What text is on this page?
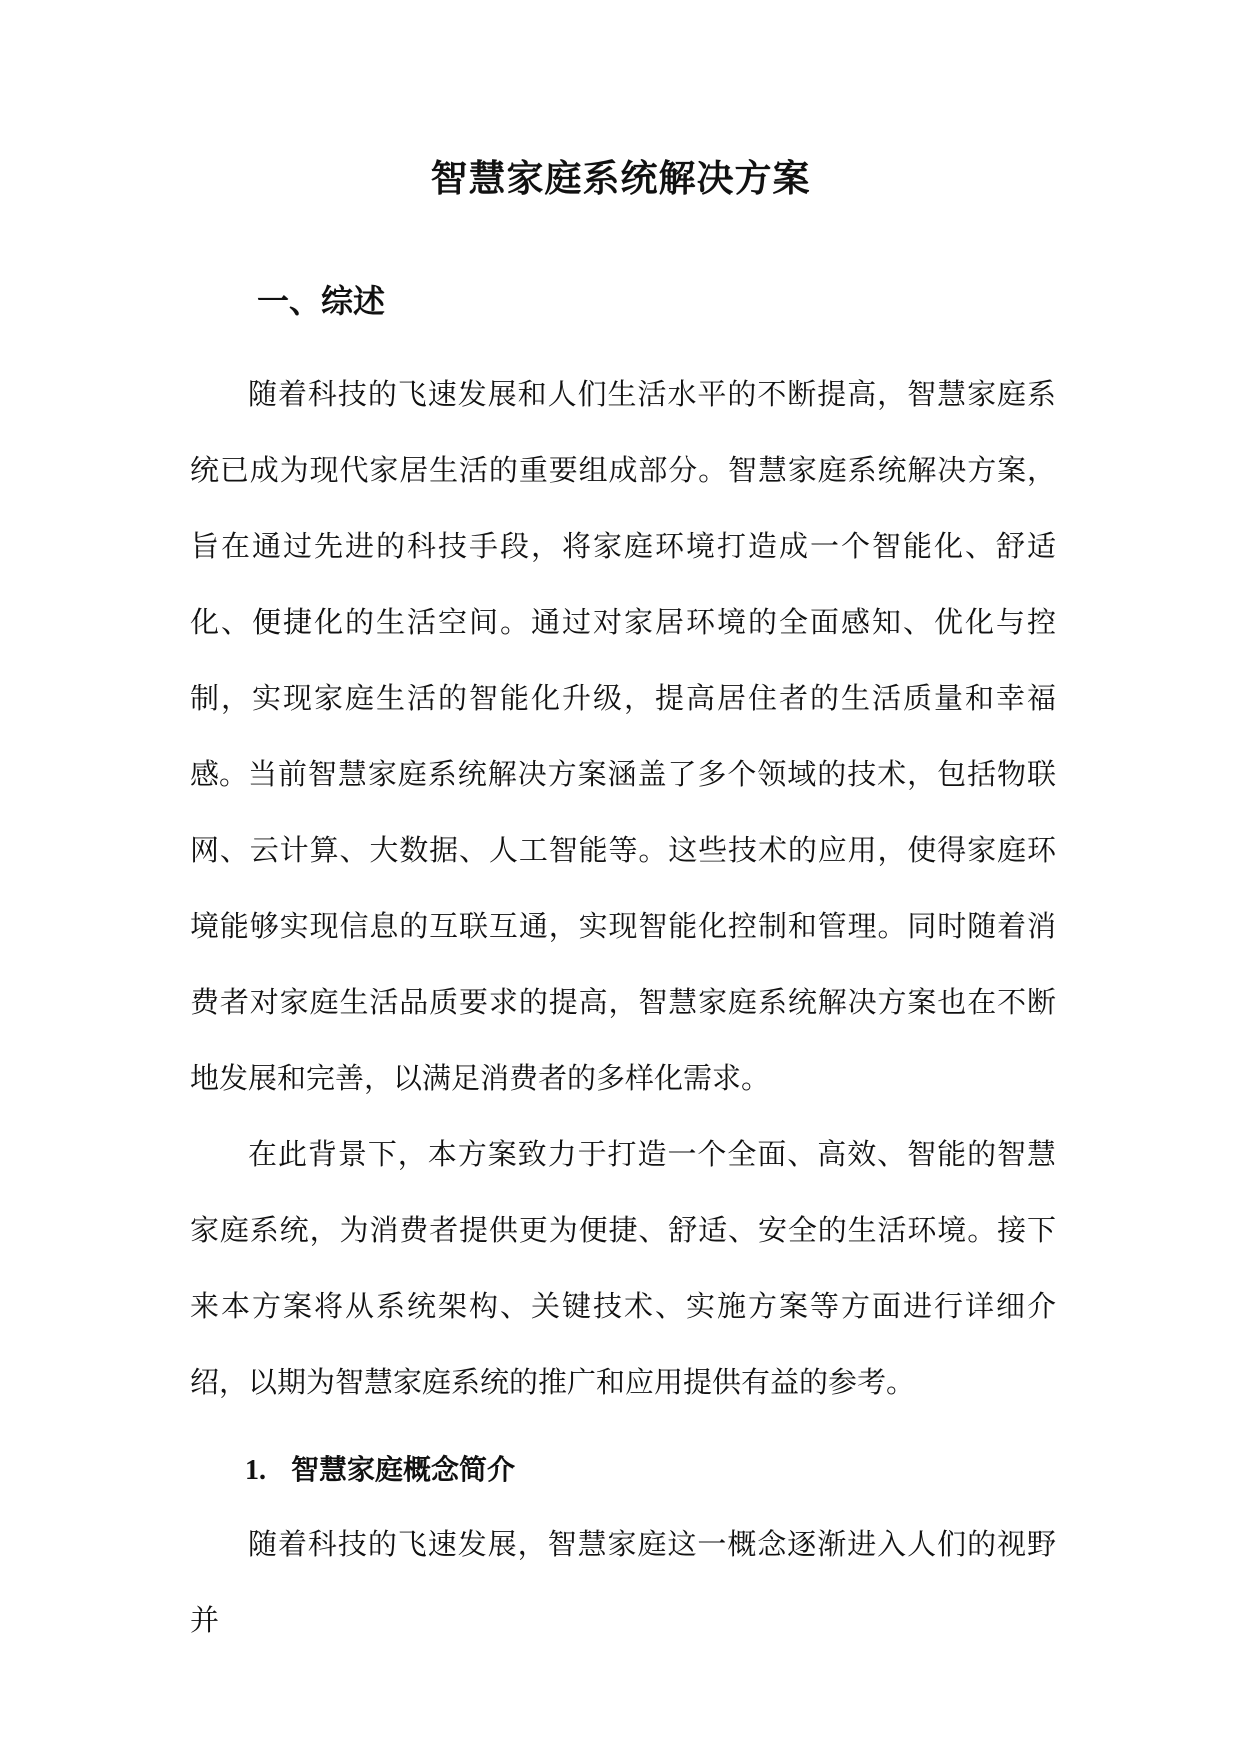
智慧家庭系统解决方案
一、综述

随着科技的飞速发展和人们生活水平的不断提高，智慧家庭系统已成为现代家居生活的重要组成部分。智慧家庭系统解决方案，旨在通过先进的科技手段，将家庭环境打造成一个智能化、舒适化、便捷化的生活空间。通过对家居环境的全面感知、优化与控制，实现家庭生活的智能化升级，提高居住者的生活质量和幸福感。 当前智慧家庭系统解决方案涵盖了多个领域的技术，包括物联网、云计算、大数据、人工智能等。这些技术的应用，使得家庭环境能够实现信息的互联互通，实现智能化控制和管理。同时随着消费者对家庭生活品质要求的提高，智慧家庭系统解决方案也在不断地发展和完善，以满足消费者的多样化需求。

在此背景下，本方案致力于打造一个全面、高效、智能的智慧家庭系统，为消费者提供更为便捷、舒适、安全的生活环境。接下来本方案将从系统架构、关键技术、实施方案等方面进行详细介绍，以期为智慧家庭系统的推广和应用提供有益的参考。

1. 智慧家庭概念简介

随着科技的飞速发展，智慧家庭这一概念逐渐进入人们的视野并
